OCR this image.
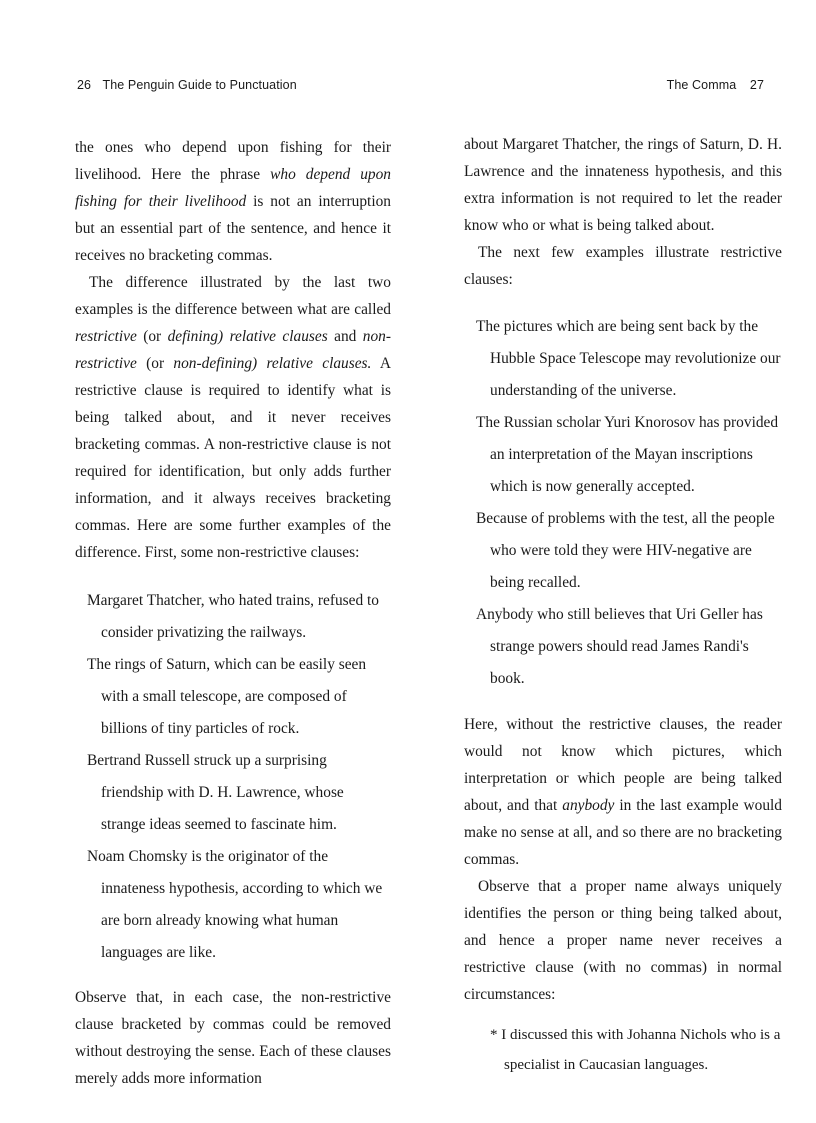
26 The Penguin Guide to Punctuation	The Comma 27

the ones who depend upon fishing for their livelihood. Here the phrase who depend upon fishing for their livelihood is not an interruption but an essential part of the sentence, and hence it receives no bracketing commas.

The difference illustrated by the last two examples is the difference between what are called restrictive (or defining) relative clauses and non-restrictive (or non-defining) relative clauses. A restrictive clause is required to identify what is being talked about, and it never receives bracketing commas. A non-restrictive clause is not required for identification, but only adds further information, and it always receives bracketing commas. Here are some further examples of the difference. First, some non-restrictive clauses:

Margaret Thatcher, who hated trains, refused to consider privatizing the railways.
The rings of Saturn, which can be easily seen with a small telescope, are composed of billions of tiny particles of rock.
Bertrand Russell struck up a surprising friendship with D. H. Lawrence, whose strange ideas seemed to fascinate him.
Noam Chomsky is the originator of the innateness hypothesis, according to which we are born already knowing what human languages are like.

Observe that, in each case, the non-restrictive clause bracketed by commas could be removed without destroying the sense. Each of these clauses merely adds more information

about Margaret Thatcher, the rings of Saturn, D. H. Lawrence and the innateness hypothesis, and this extra information is not required to let the reader know who or what is being talked about.

The next few examples illustrate restrictive clauses:

The pictures which are being sent back by the Hubble Space Telescope may revolutionize our understanding of the universe.
The Russian scholar Yuri Knorosov has provided an interpretation of the Mayan inscriptions which is now generally accepted.
Because of problems with the test, all the people who were told they were HIV-negative are being recalled.
Anybody who still believes that Uri Geller has strange powers should read James Randi's book.

Here, without the restrictive clauses, the reader would not know which pictures, which interpretation or which people are being talked about, and that anybody in the last example would make no sense at all, and so there are no bracketing commas.

Observe that a proper name always uniquely identifies the person or thing being talked about, and hence a proper name never receives a restrictive clause (with no commas) in normal circumstances:

* I discussed this with Johanna Nichols who is a specialist in Caucasian languages.
